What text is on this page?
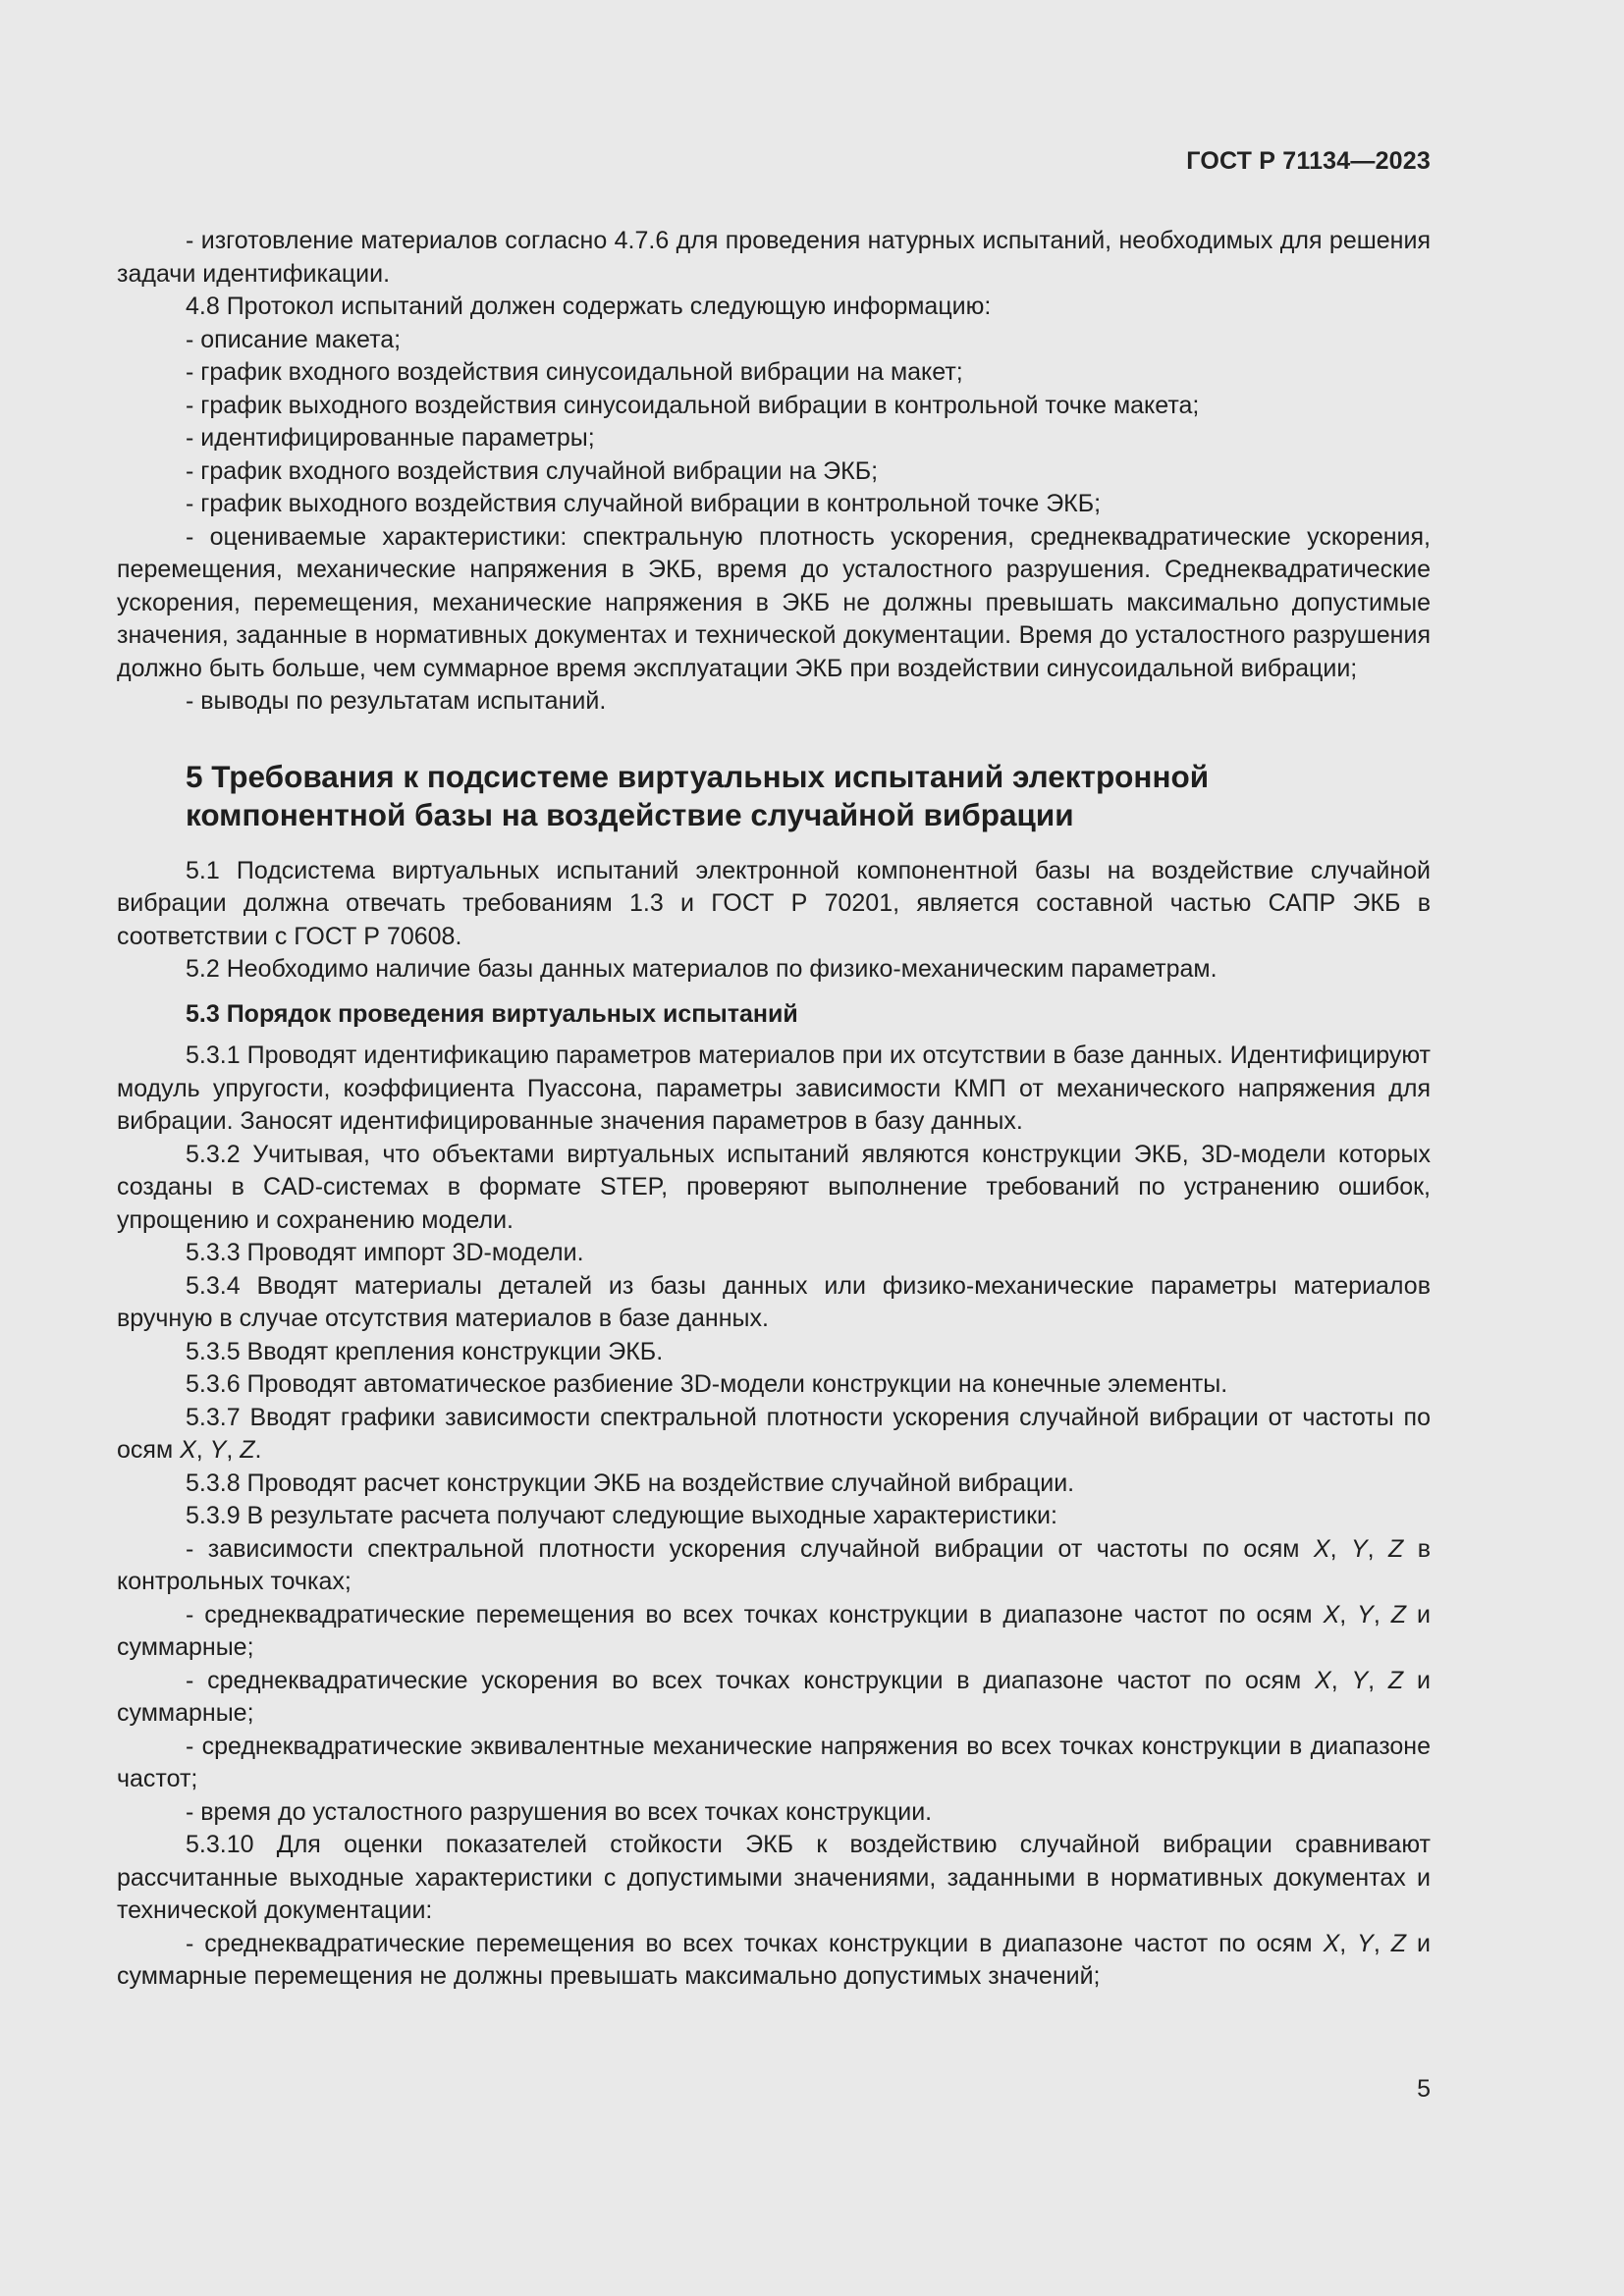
ГОСТ Р 71134—2023

- изготовление материалов согласно 4.7.6 для проведения натурных испытаний, необходимых для решения задачи идентификации.

4.8 Протокол испытаний должен содержать следующую информацию:

- описание макета;

- график входного воздействия синусоидальной вибрации на макет;

- график выходного воздействия синусоидальной вибрации в контрольной точке макета;

- идентифицированные параметры;

- график входного воздействия случайной вибрации на ЭКБ;

- график выходного воздействия случайной вибрации в контрольной точке ЭКБ;

- оцениваемые характеристики: спектральную плотность ускорения, среднеквадратические ускорения, перемещения, механические напряжения в ЭКБ, время до усталостного разрушения. Среднеквадратические ускорения, перемещения, механические напряжения в ЭКБ не должны превышать максимально допустимые значения, заданные в нормативных документах и технической документации. Время до усталостного разрушения должно быть больше, чем суммарное время эксплуатации ЭКБ при воздействии синусоидальной вибрации;

- выводы по результатам испытаний.

5 Требования к подсистеме виртуальных испытаний электронной
компонентной базы на воздействие случайной вибрации

5.1 Подсистема виртуальных испытаний электронной компонентной базы на воздействие случайной вибрации должна отвечать требованиям 1.3 и ГОСТ Р 70201, является составной частью САПР ЭКБ в соответствии с ГОСТ Р 70608.

5.2 Необходимо наличие базы данных материалов по физико-механическим параметрам.

5.3 Порядок проведения виртуальных испытаний

5.3.1 Проводят идентификацию параметров материалов при их отсутствии в базе данных. Идентифицируют модуль упругости, коэффициента Пуассона, параметры зависимости КМП от механического напряжения для вибрации. Заносят идентифицированные значения параметров в базу данных.

5.3.2 Учитывая, что объектами виртуальных испытаний являются конструкции ЭКБ, 3D-модели которых созданы в CAD-системах в формате STEP, проверяют выполнение требований по устранению ошибок, упрощению и сохранению модели.

5.3.3 Проводят импорт 3D-модели.

5.3.4 Вводят материалы деталей из базы данных или физико-механические параметры материалов вручную в случае отсутствия материалов в базе данных.

5.3.5 Вводят крепления конструкции ЭКБ.

5.3.6 Проводят автоматическое разбиение 3D-модели конструкции на конечные элементы.

5.3.7 Вводят графики зависимости спектральной плотности ускорения случайной вибрации от частоты по осям X, Y, Z.

5.3.8 Проводят расчет конструкции ЭКБ на воздействие случайной вибрации.

5.3.9 В результате расчета получают следующие выходные характеристики:

- зависимости спектральной плотности ускорения случайной вибрации от частоты по осям X, Y, Z в контрольных точках;

- среднеквадратические перемещения во всех точках конструкции в диапазоне частот по осям X, Y, Z и суммарные;

- среднеквадратические ускорения во всех точках конструкции в диапазоне частот по осям X, Y, Z и суммарные;

- среднеквадратические эквивалентные механические напряжения во всех точках конструкции в диапазоне частот;

- время до усталостного разрушения во всех точках конструкции.

5.3.10 Для оценки показателей стойкости ЭКБ к воздействию случайной вибрации сравнивают рассчитанные выходные характеристики с допустимыми значениями, заданными в нормативных документах и технической документации:

- среднеквадратические перемещения во всех точках конструкции в диапазоне частот по осям X, Y, Z и суммарные перемещения не должны превышать максимально допустимых значений;

5
